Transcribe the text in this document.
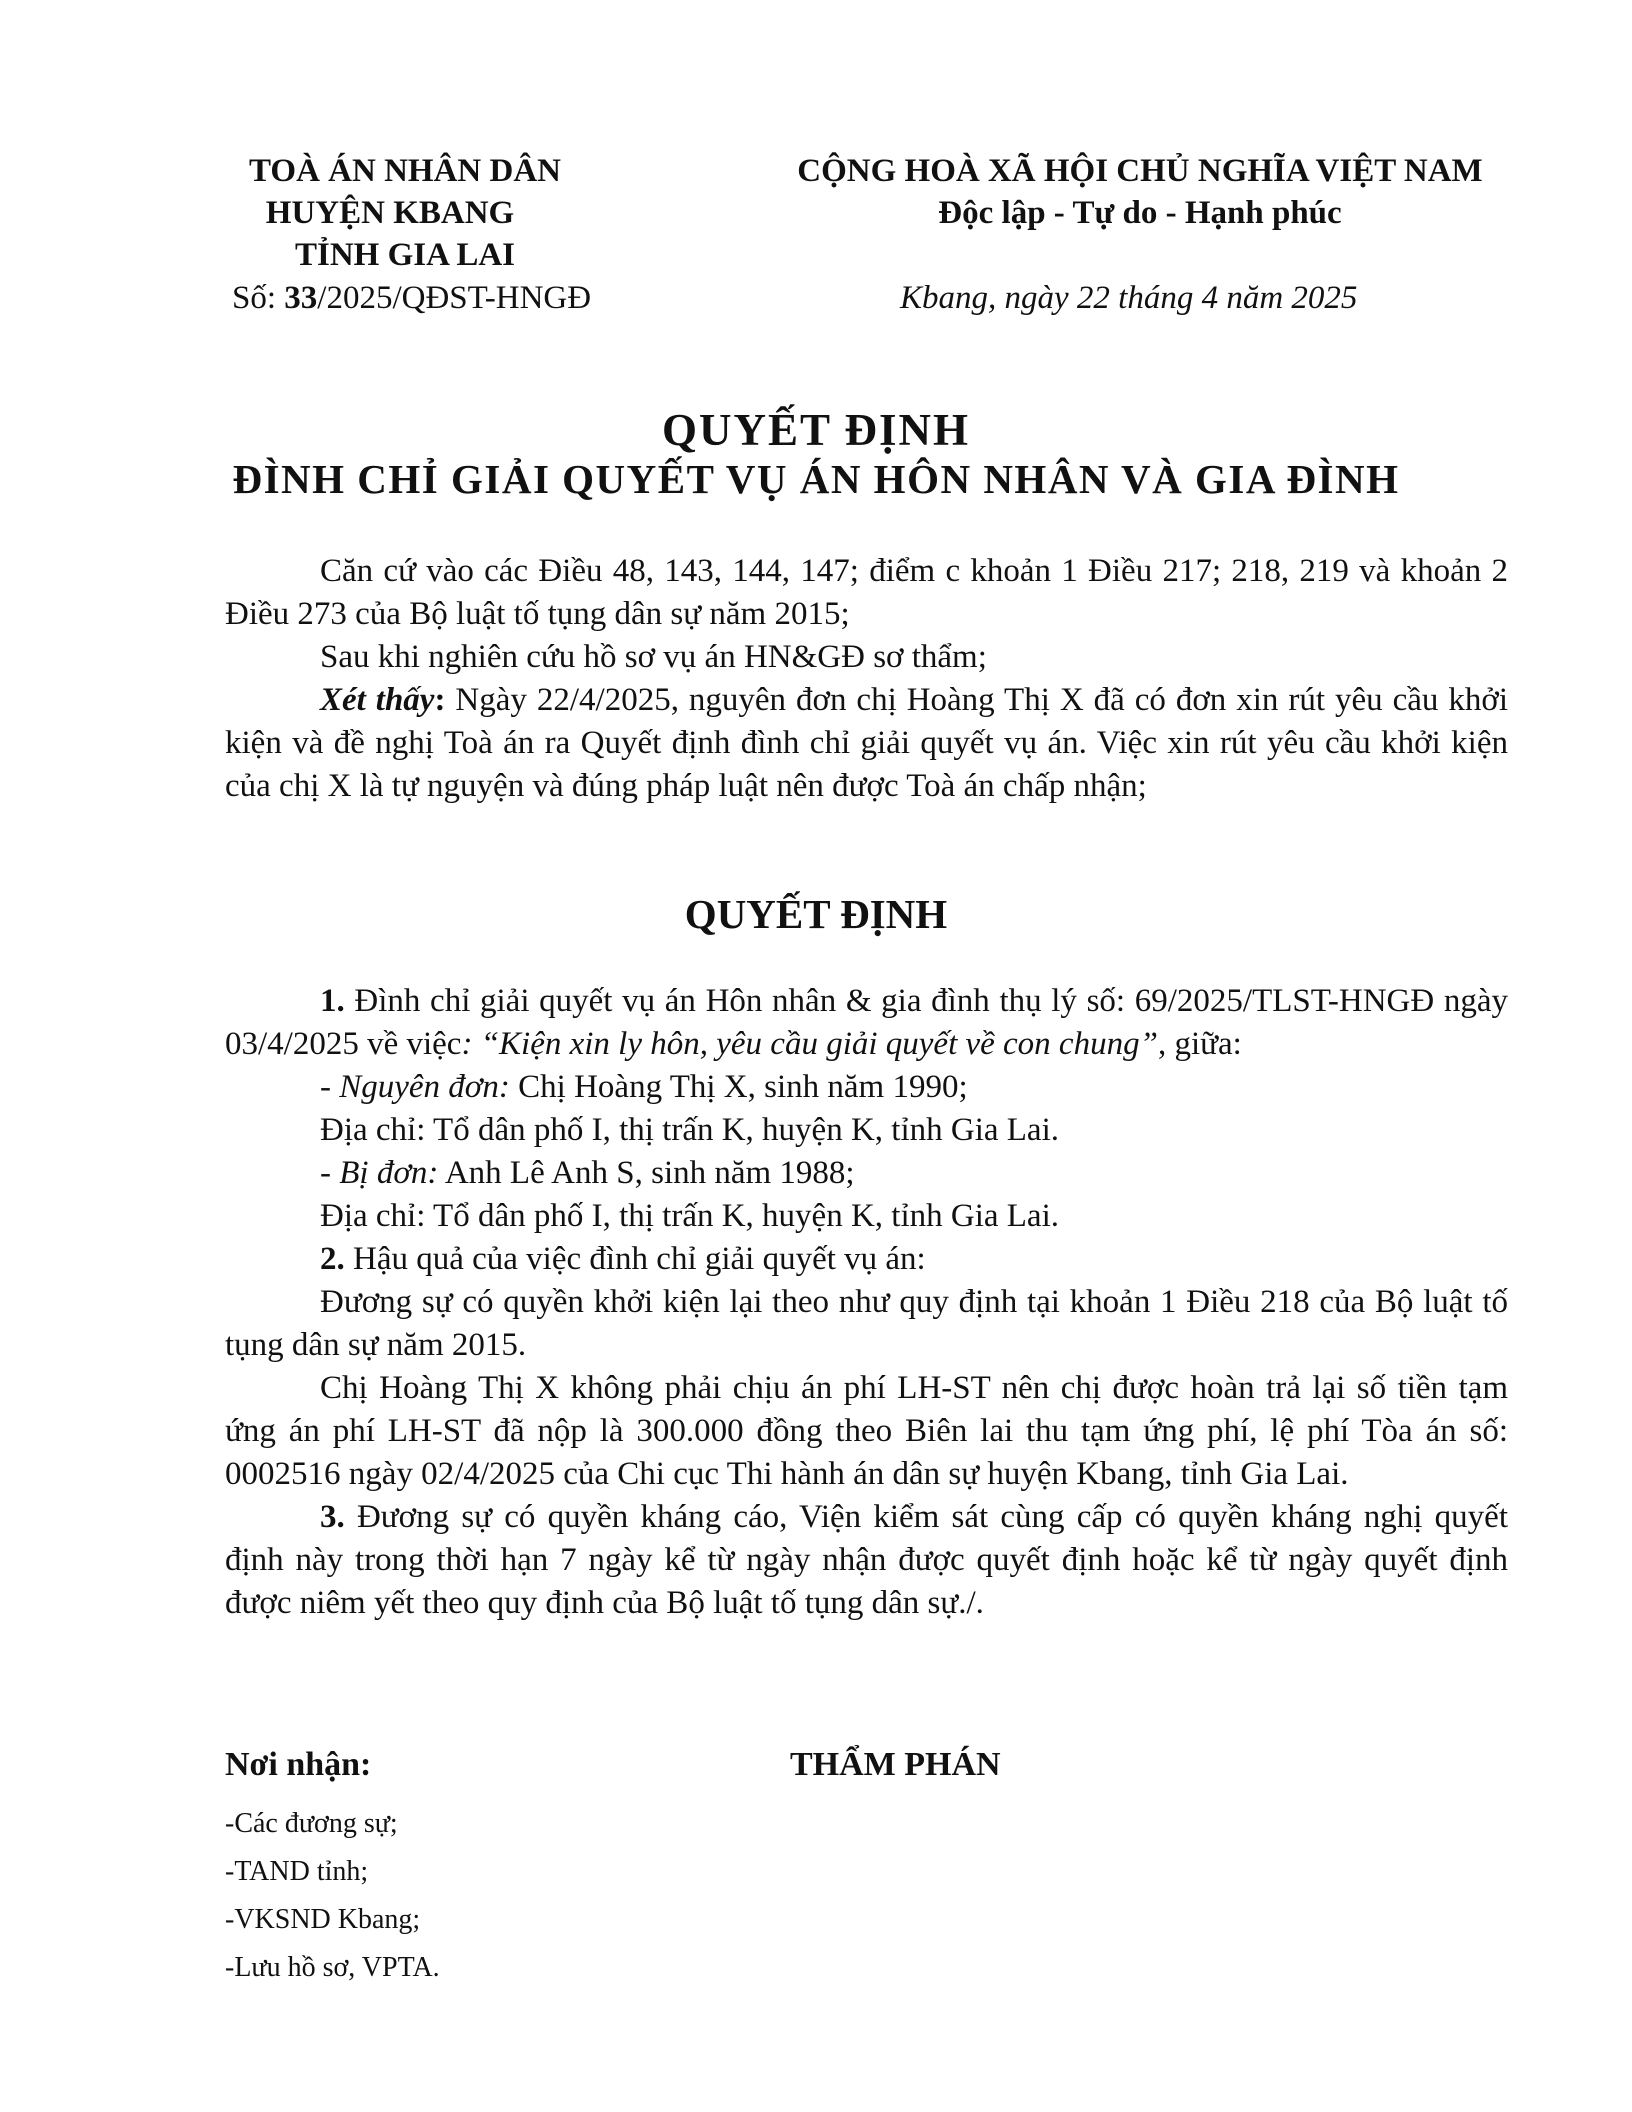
TOÀ ÁN NHÂN DÂN
HUYỆN KBANG
TỈNH GIA LAI
Số: 33/2025/QĐST-HNGĐ
CỘNG HOÀ XÃ HỘI CHỦ NGHĨA VIỆT NAM
Độc lập - Tự do - Hạnh phúc
Kbang, ngày 22 tháng 4 năm 2025
QUYẾT ĐỊNH
ĐÌNH CHỈ GIẢI QUYẾT VỤ ÁN HÔN NHÂN VÀ GIA ĐÌNH

Căn cứ vào các Điều 48, 143, 144, 147; điểm c khoản 1 Điều 217; 218, 219 và khoản 2 Điều 273 của Bộ luật tố tụng dân sự năm 2015;

Sau khi nghiên cứu hồ sơ vụ án HN&GĐ sơ thẩm;

Xét thấy: Ngày 22/4/2025, nguyên đơn chị Hoàng Thị X đã có đơn xin rút yêu cầu khởi kiện và đề nghị Toà án ra Quyết định đình chỉ giải quyết vụ án. Việc xin rút yêu cầu khởi kiện của chị X là tự nguyện và đúng pháp luật nên được Toà án chấp nhận;

QUYẾT ĐỊNH

1. Đình chỉ giải quyết vụ án Hôn nhân & gia đình thụ lý số: 69/2025/TLST-HNGĐ ngày 03/4/2025 về việc: “Kiện xin ly hôn, yêu cầu giải quyết về con chung”, giữa:

- Nguyên đơn: Chị Hoàng Thị X, sinh năm 1990;

Địa chỉ: Tổ dân phố I, thị trấn K, huyện K, tỉnh Gia Lai.

- Bị đơn: Anh Lê Anh S, sinh năm 1988;

Địa chỉ: Tổ dân phố I, thị trấn K, huyện K, tỉnh Gia Lai.

2. Hậu quả của việc đình chỉ giải quyết vụ án:

Đương sự có quyền khởi kiện lại theo như quy định tại khoản 1 Điều 218 của Bộ luật tố tụng dân sự năm 2015.

Chị Hoàng Thị X không phải chịu án phí LH-ST nên chị được hoàn trả lại số tiền tạm ứng án phí LH-ST đã nộp là 300.000 đồng theo Biên lai thu tạm ứng phí, lệ phí Tòa án số: 0002516 ngày 02/4/2025 của Chi cục Thi hành án dân sự huyện Kbang, tỉnh Gia Lai.

3. Đương sự có quyền kháng cáo, Viện kiểm sát cùng cấp có quyền kháng nghị quyết định này trong thời hạn 7 ngày kể từ ngày nhận được quyết định hoặc kể từ ngày quyết định được niêm yết theo quy định của Bộ luật tố tụng dân sự./.

Nơi nhận:
-Các đương sự;
-TAND tỉnh;
-VKSND Kbang;
-Lưu hồ sơ, VPTA.
THẨM PHÁN
